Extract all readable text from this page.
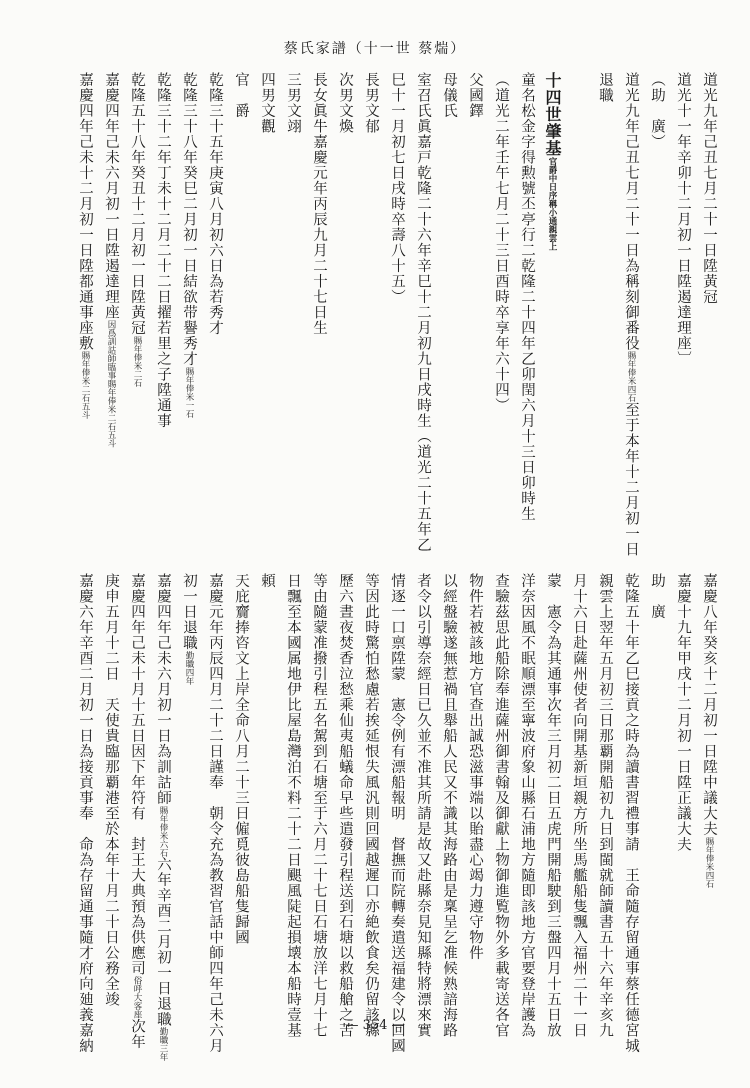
蔡氏家譜（十一世 蔡煓）
道光九年己丑七月二十一日陞黃冠
道光十一年辛卯十二月初一日陞遏達理座〕
（助　廣）
道光九年己丑七月二十一日為稱刻御番役賜年俸米四石至于本年十二月初一日
退職
十四世肇基官爵中日序稱小通親雲上
童名松金字得勲號丕亭行二乾隆二十四年乙卯閏六月十三日卯時生
（道光二年壬午七月二十三日酉時卒享年六十四）
父國鐸
母儀氏
室召氏眞嘉戸乾隆二十六年辛巳十二月初九日戌時生（道光二十五年乙
巳十一月初七日戌時卒壽八十五）
長男文郁
次男文煥
長女眞牛嘉慶元年丙辰九月二十七日生
三男文翊
四男文觀
官　爵
乾隆三十五年庚寅八月初六日為若秀才
乾隆三十八年癸巳二月初一日結欲带譽秀才賜年俸米一石
乾隆三十二年丁未十二月二十二日擢若里之子陞通事
乾隆五十八年癸丑十二月初一日陞黃冠賜年俸米二石
嘉慶四年己未六月初一日陞遏達理座因爲訓詁師臨事賜年俸米二石五斗
嘉慶四年己未十二月初一日陞都通事座敷賜年俸米二石五斗
嘉慶八年癸亥十二月初一日陞中議大夫賜年俸米四石
嘉慶十九年甲戌十二月初一日陞正議大夫
助　廣
乾隆五十年乙巳接貢之時為讀書習禮事請　王命隨存留通事蔡任德宮城
親雲上翌年五月初三日那覇開船初九日到閩就師讀書五十六年辛亥九
月十六日赴薩州使者向開基新垣親方所坐馬艦船隻飄入福州二十一日
蒙　憲令為其通事次年三月初二日五虎門開船駛到三盤四月十五日放
洋奈因風不眠順漂至寧波府象山縣石浦地方隨即該地方官要登岸護為
查驗茲思此船除奉進薩州御書翰及御獻上物御進覧物外多載寄送各官
物件若被該地方官查出誠恐滋事端以貽盡心竭力遵守物件
以經盤驗遂無惹禍且舉船人民又不識其海路由是稟呈乞准候熟諳海路
者令以引導奈經日已久並不准其所請是故又赴縣奈見知縣特將漂來實
情逐一口禀陞蒙　憲令例有漂船報明　督撫而院轉奏遣送福建令以回國
等因此時驚怕愁慮若挨延恨失風汎則回國越遲口亦絶飲食矣仍留該縣
歷六晝夜焚香泣愁乘仙夷船蟻命早些遣發引程送到石塘以救船艙之苦
等由隨蒙准撥引程五名駕到石塘至于六月二十七日石塘放洋七月十七
日飄至本國属地伊比屋島灣泊不料二十二日颶風陡起損壊本船時壹基
頼
天庇齎捧咨文上岸全命八月二十三日僱覓彼島船隻歸國
嘉慶元年丙辰四月二十二日謹奉　朝令充為教習官話中師四年己未六月
初一日退職勤職四年
嘉慶四年己未六月初一日為訓詁師賜年俸米六石六年辛酉二月初一日退職勤職三年
嘉慶四年己未十月十五日因下年符有　封王大典預為供應司俗呼大客座次年
庚申五月十二日　天使貴臨那覇港至於本年十月二十日公務全竣
嘉慶六年辛酉二月初一日為接貢事奉　命為存留通事隨才府向廸義嘉納	— 354 —
